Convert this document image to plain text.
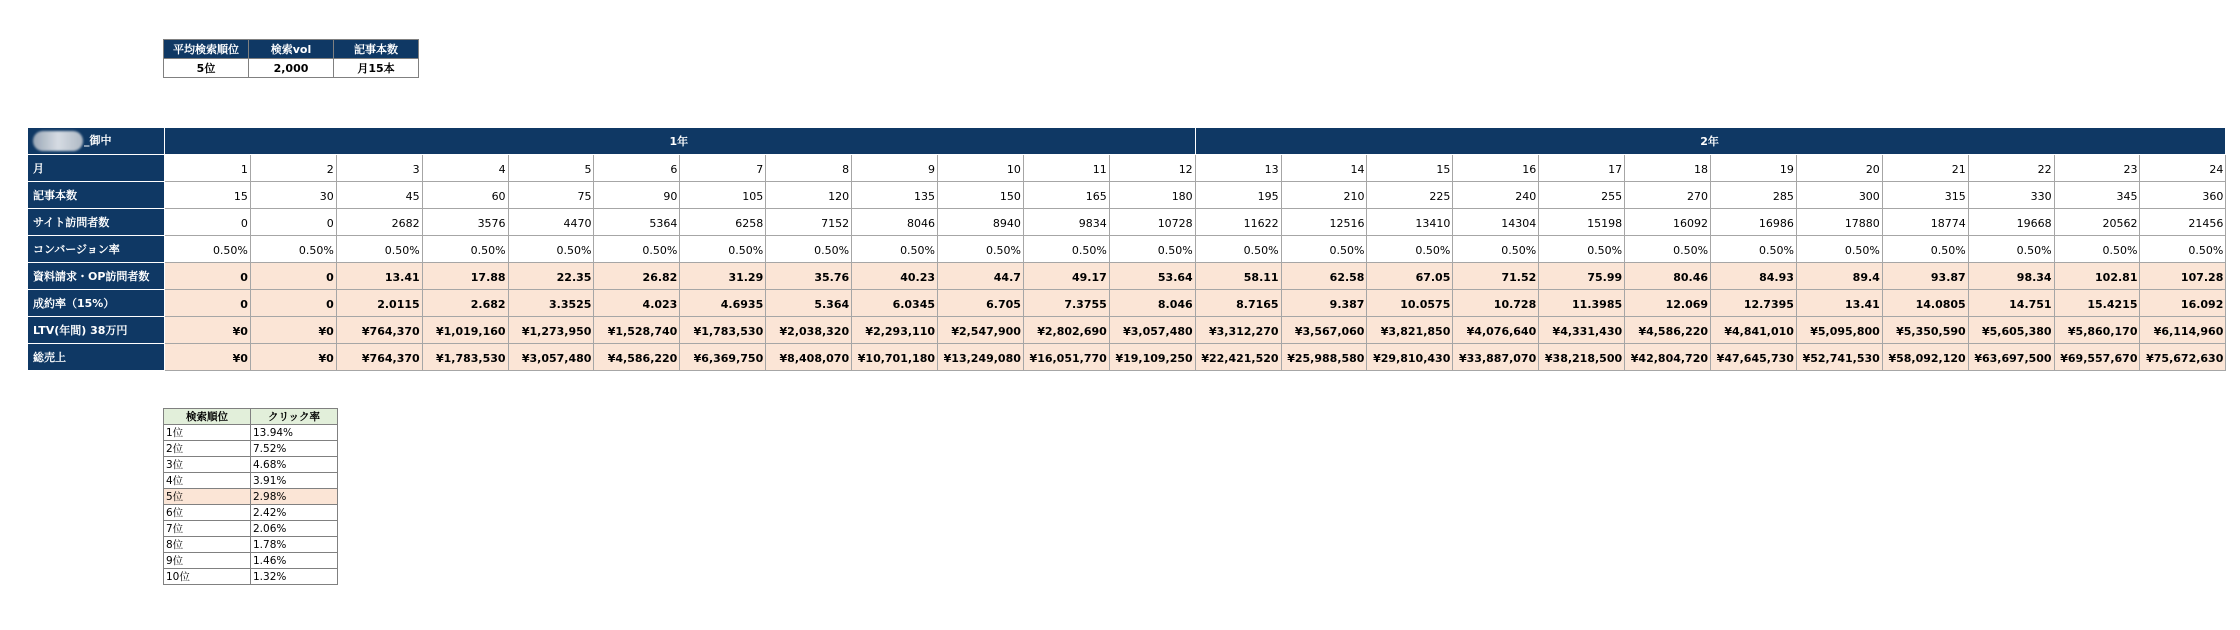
平均検索順位	検索vol	記事本数
5位	2,000	月15本
_御中	1年												2年											
月	1	2	3	4	5	6	7	8	9	10	11	12	13	14	15	16	17	18	19	20	21	22	23	24
記事本数	15	30	45	60	75	90	105	120	135	150	165	180	195	210	225	240	255	270	285	300	315	330	345	360
サイト訪問者数	0	0	2682	3576	4470	5364	6258	7152	8046	8940	9834	10728	11622	12516	13410	14304	15198	16092	16986	17880	18774	19668	20562	21456
コンバージョン率	0.50%	0.50%	0.50%	0.50%	0.50%	0.50%	0.50%	0.50%	0.50%	0.50%	0.50%	0.50%	0.50%	0.50%	0.50%	0.50%	0.50%	0.50%	0.50%	0.50%	0.50%	0.50%	0.50%	0.50%
資料請求・OP訪問者数	0	0	13.41	17.88	22.35	26.82	31.29	35.76	40.23	44.7	49.17	53.64	58.11	62.58	67.05	71.52	75.99	80.46	84.93	89.4	93.87	98.34	102.81	107.28
成約率（15%）	0	0	2.0115	2.682	3.3525	4.023	4.6935	5.364	6.0345	6.705	7.3755	8.046	8.7165	9.387	10.0575	10.728	11.3985	12.069	12.7395	13.41	14.0805	14.751	15.4215	16.092
LTV(年間) 38万円	¥0	¥0	¥764,370	¥1,019,160	¥1,273,950	¥1,528,740	¥1,783,530	¥2,038,320	¥2,293,110	¥2,547,900	¥2,802,690	¥3,057,480	¥3,312,270	¥3,567,060	¥3,821,850	¥4,076,640	¥4,331,430	¥4,586,220	¥4,841,010	¥5,095,800	¥5,350,590	¥5,605,380	¥5,860,170	¥6,114,960
総売上	¥0	¥0	¥764,370	¥1,783,530	¥3,057,480	¥4,586,220	¥6,369,750	¥8,408,070	¥10,701,180	¥13,249,080	¥16,051,770	¥19,109,250	¥22,421,520	¥25,988,580	¥29,810,430	¥33,887,070	¥38,218,500	¥42,804,720	¥47,645,730	¥52,741,530	¥58,092,120	¥63,697,500	¥69,557,670	¥75,672,630
検索順位	クリック率
1位	13.94%
2位	7.52%
3位	4.68%
4位	3.91%
5位	2.98%
6位	2.42%
7位	2.06%
8位	1.78%
9位	1.46%
10位	1.32%
